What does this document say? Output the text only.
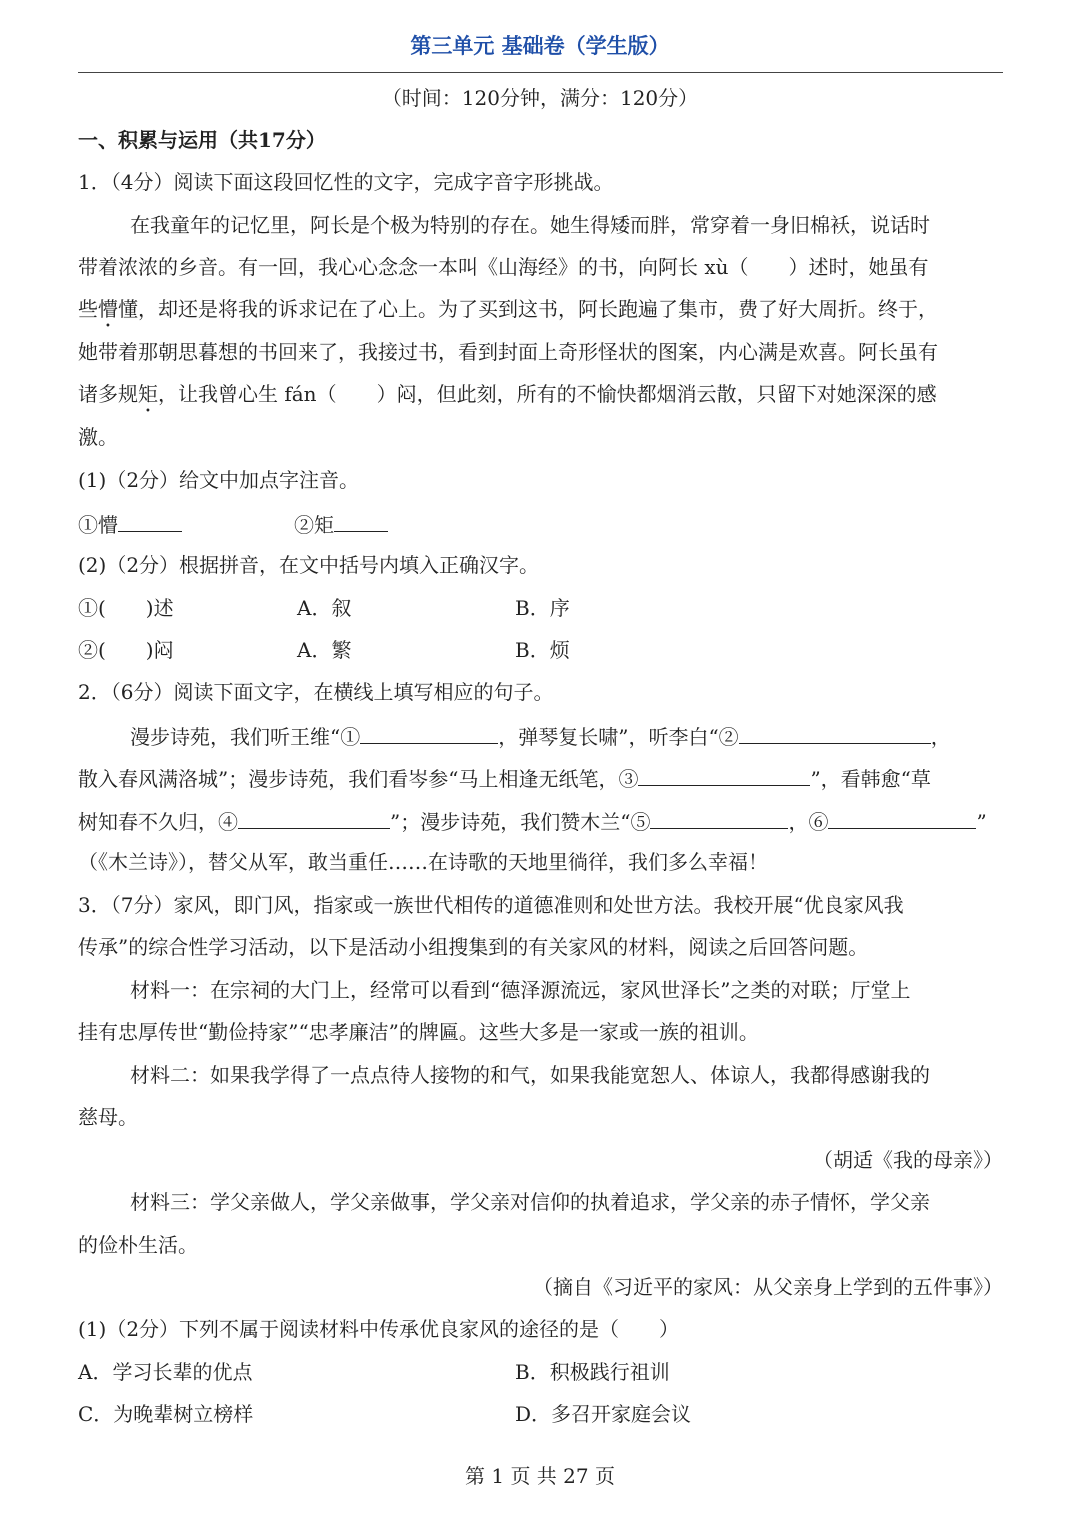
第三单元 基础卷（学生版）
（时间：120分钟，满分：120分）
一、积累与运用（共17分）
1．（4分）阅读下面这段回忆性的文字，完成字音字形挑战。
在我童年的记忆里，阿长是个极为特别的存在。她生得矮而胖，常穿着一身旧棉袄，说话时
带着浓浓的乡音。有一回，我心心念念一本叫《山海经》的书，向阿长 xù（　　）述时，她虽有
些懵懂，却还是将我的诉求记在了心上。为了买到这书，阿长跑遍了集市，费了好大周折。终于，
她带着那朝思暮想的书回来了，我接过书，看到封面上奇形怪状的图案，内心满是欢喜。阿长虽有
诸多规矩，让我曾心生 fán（　　）闷，但此刻，所有的不愉快都烟消云散，只留下对她深深的感
激。
(1)（2分）给文中加点字注音。
①懵	②矩
(2)（2分）根据拼音，在文中括号内填入正确汉字。
①(　　)述	A．叙	B．序
②(　　)闷	A．繁	B．烦
2．（6分）阅读下面文字，在横线上填写相应的句子。
漫步诗苑，我们听王维“①	，弹琴复长啸”，听李白“②	，
散入春风满洛城”；漫步诗苑，我们看岑参“马上相逢无纸笔，③	”，看韩愈“草
树知春不久归，④	”；漫步诗苑，我们赞木兰“⑤	，⑥	”
（《木兰诗》），替父从军，敢当重任……在诗歌的天地里徜徉，我们多么幸福！
3．（7分）家风，即门风，指家或一族世代相传的道德准则和处世方法。我校开展“优良家风我
传承”的综合性学习活动，以下是活动小组搜集到的有关家风的材料，阅读之后回答问题。
材料一：在宗祠的大门上，经常可以看到“德泽源流远，家风世泽长”之类的对联；厅堂上
挂有忠厚传世“勤俭持家”“忠孝廉洁”的牌匾。这些大多是一家或一族的祖训。
材料二：如果我学得了一点点待人接物的和气，如果我能宽恕人、体谅人，我都得感谢我的
慈母。
（胡适《我的母亲》）
材料三：学父亲做人，学父亲做事，学父亲对信仰的执着追求，学父亲的赤子情怀，学父亲
的俭朴生活。
（摘自《习近平的家风：从父亲身上学到的五件事》）
(1)（2分）下列不属于阅读材料中传承优良家风的途径的是（　　）
A．学习长辈的优点	B．积极践行祖训
C．为晚辈树立榜样	D．多召开家庭会议
第 1 页 共 27 页
